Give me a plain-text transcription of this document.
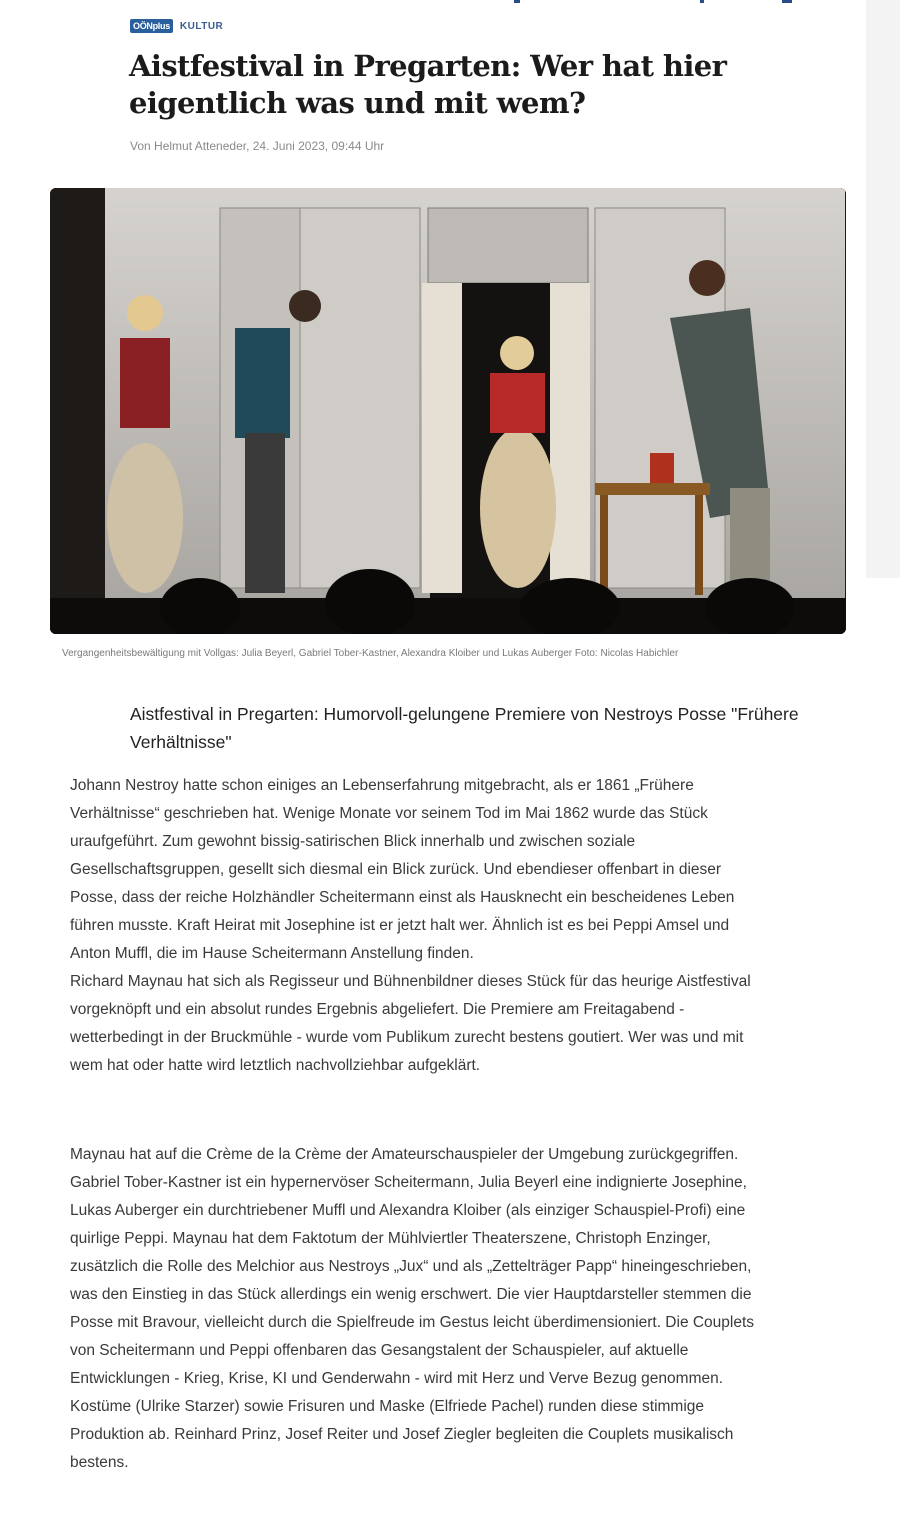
OÖNplus	KULTUR
Aistfestival in Pregarten: Wer hat hier eigentlich was und mit wem?
Von Helmut Atteneder, 24. Juni 2023, 09:44 Uhr
Vergangenheitsbewältigung mit Vollgas: Julia Beyerl, Gabriel Tober-Kastner, Alexandra Kloiber und Lukas Auberger Foto: Nicolas Habichler
Aistfestival in Pregarten: Humorvoll-gelungene Premiere von Nestroys Posse "Frühere Verhältnisse"
Johann Nestroy hatte schon einiges an Lebenserfahrung mitgebracht, als er 1861 „Frühere
Verhältnisse“ geschrieben hat. Wenige Monate vor seinem Tod im Mai 1862 wurde das Stück
uraufgeführt. Zum gewohnt bissig-satirischen Blick innerhalb und zwischen soziale
Gesellschaftsgruppen, gesellt sich diesmal ein Blick zurück. Und ebendieser offenbart in dieser
Posse, dass der reiche Holzhändler Scheitermann einst als Hausknecht ein bescheidenes Leben
führen musste. Kraft Heirat mit Josephine ist er jetzt halt wer. Ähnlich ist es bei Peppi Amsel und
Anton Muffl, die im Hause Scheitermann Anstellung finden.
Richard Maynau hat sich als Regisseur und Bühnenbildner dieses Stück für das heurige Aistfestival
vorgeknöpft und ein absolut rundes Ergebnis abgeliefert. Die Premiere am Freitagabend -
wetterbedingt in der Bruckmühle - wurde vom Publikum zurecht bestens goutiert. Wer was und mit
wem hat oder hatte wird letztlich nachvollziehbar aufgeklärt.
Maynau hat auf die Crème de la Crème der Amateurschauspieler der Umgebung zurückgegriffen.
Gabriel Tober-Kastner ist ein hypernervöser Scheitermann, Julia Beyerl eine indignierte Josephine,
Lukas Auberger ein durchtriebener Muffl und Alexandra Kloiber (als einziger Schauspiel-Profi) eine
quirlige Peppi. Maynau hat dem Faktotum der Mühlviertler Theaterszene, Christoph Enzinger,
zusätzlich die Rolle des Melchior aus Nestroys „Jux“ und als „Zettelträger Papp“ hineingeschrieben,
was den Einstieg in das Stück allerdings ein wenig erschwert. Die vier Hauptdarsteller stemmen die
Posse mit Bravour, vielleicht durch die Spielfreude im Gestus leicht überdimensioniert. Die Couplets
von Scheitermann und Peppi offenbaren das Gesangstalent der Schauspieler, auf aktuelle
Entwicklungen - Krieg, Krise, KI und Genderwahn - wird mit Herz und Verve Bezug genommen.
Kostüme (Ulrike Starzer) sowie Frisuren und Maske (Elfriede Pachel) runden diese stimmige
Produktion ab. Reinhard Prinz, Josef Reiter und Josef Ziegler begleiten die Couplets musikalisch
bestens.
